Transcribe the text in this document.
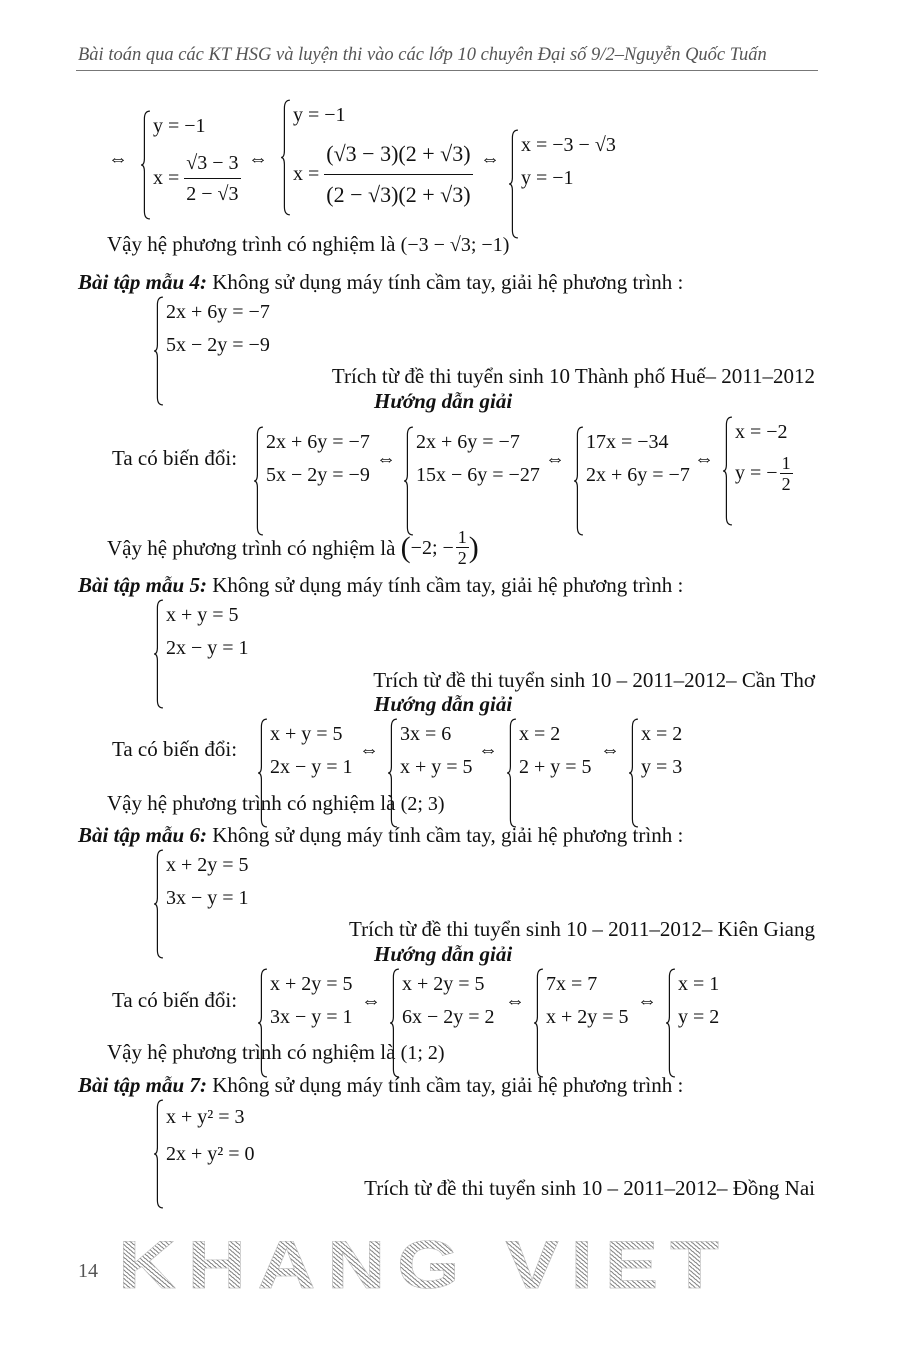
Bài toán qua các KT HSG và luyện thi vào các lớp 10 chuyên Đại số 9/2–Nguyễn Quốc Tuấn
⇔
y = −1
$x = \frac{√3 - 3}{2 - √3}$ ⇔
y = −1
$x = \frac{(√3 - 3)(2 + √3)}{(2 - √3)(2 + √3)}$ ⇔
x = −3 − √3
y = −1
Vậy hệ phương trình có nghiệm là (−3 − √3; −1)
Bài tập mẫu 4: Không sử dụng máy tính cầm tay, giải hệ phương trình :
2x + 6y = −7
5x − 2y = −9
Trích từ đề thi tuyển sinh 10 Thành phố Huế– 2011–2012
Hướng dẫn giải
Ta có biến đổi:
2x + 6y = −7
5x − 2y = −9
⇔
2x + 6y = −7
15x − 6y = −27
⇔
17x = −34
2x + 6y = −7
⇔
x = −2
y = − $\frac{1}{2}$
Vậy hệ phương trình có nghiệm là
( −2; − $\frac{1}{2}$ )
Bài tập mẫu 5: Không sử dụng máy tính cầm tay, giải hệ phương trình :
x + y = 5
2x − y = 1
Trích từ đề thi tuyển sinh 10 – 2011–2012– Cần Thơ
Hướng dẫn giải
Ta có biến đổi:
x + y = 5
2x − y = 1
⇔
3x = 6
x + y = 5
⇔
x = 2
2 + y = 5
⇔
x = 2
y = 3
Vậy hệ phương trình có nghiệm là (2; 3)
Bài tập mẫu 6: Không sử dụng máy tính cầm tay, giải hệ phương trình :
x + 2y = 5
3x − y = 1
Trích từ đề thi tuyển sinh 10 – 2011–2012– Kiên Giang
Hướng dẫn giải
Ta có biến đổi:
x + 2y = 5
3x − y = 1
⇔
x + 2y = 5
6x − 2y = 2
⇔
7x = 7
x + 2y = 5
⇔
x = 1
y = 2
Vậy hệ phương trình có nghiệm là (1; 2)
Bài tập mẫu 7: Không sử dụng máy tính cầm tay, giải hệ phương trình :
x + y² = 3
2x + y² = 0
Trích từ đề thi tuyển sinh 10 – 2011–2012– Đồng Nai
14 KHANG VIET
